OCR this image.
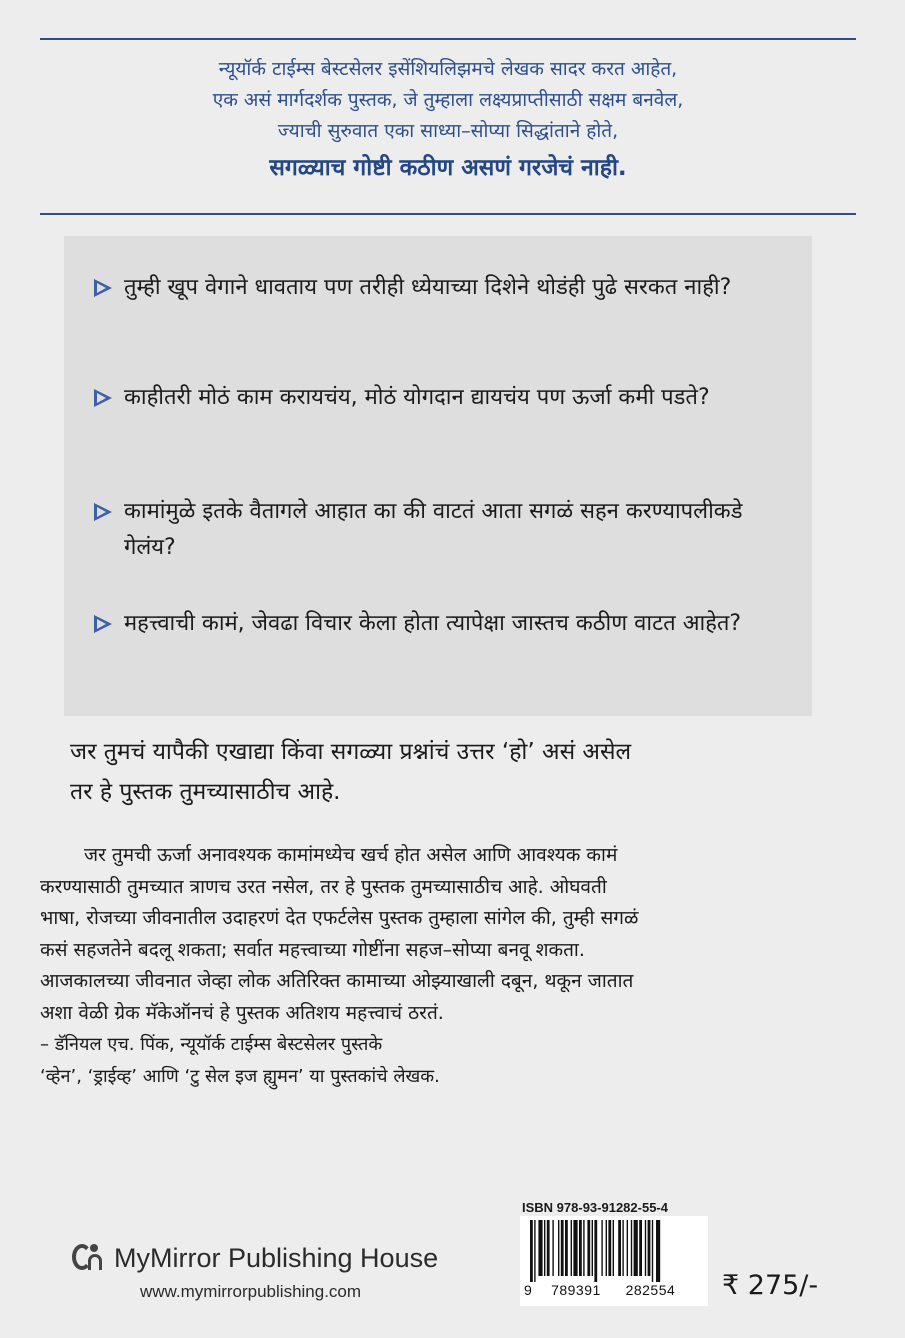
न्यूयॉर्क टाईम्स बेस्टसेलर इसेंशियलिझमचे लेखक सादर करत आहेत,
एक असं मार्गदर्शक पुस्तक, जे तुम्हाला लक्ष्यप्राप्तीसाठी सक्षम बनवेल,
ज्याची सुरुवात एका साध्या–सोप्या सिद्धांताने होते,
सगळ्याच गोष्टी कठीण असणं गरजेचं नाही.
तुम्ही खूप वेगाने धावताय पण तरीही ध्येयाच्या दिशेने थोडंही पुढे सरकत नाही?
काहीतरी मोठं काम करायचंय, मोठं योगदान द्यायचंय पण ऊर्जा कमी पडते?
कामांमुळे इतके वैतागले आहात का की वाटतं आता सगळं सहन करण्यापलीकडे गेलंय?
महत्त्वाची कामं, जेवढा विचार केला होता त्यापेक्षा जास्तच कठीण वाटत आहेत?
जर तुमचं यापैकी एखाद्या किंवा सगळ्या प्रश्नांचं उत्तर ‘हो’ असं असेल
तर हे पुस्तक तुमच्यासाठीच आहे.
जर तुमची ऊर्जा अनावश्यक कामांमध्येच खर्च होत असेल आणि आवश्यक कामं
करण्यासाठी तुमच्यात त्राणच उरत नसेल, तर हे पुस्तक तुमच्यासाठीच आहे. ओघवती
भाषा, रोजच्या जीवनातील उदाहरणं देत एफर्टलेस पुस्तक तुम्हाला सांगेल की, तुम्ही सगळं
कसं सहजतेने बदलू शकता; सर्वात महत्त्वाच्या गोष्टींना सहज–सोप्या बनवू शकता.
आजकालच्या जीवनात जेव्हा लोक अतिरिक्त कामाच्या ओझ्याखाली दबून, थकून जातात
अशा वेळी ग्रेक मॅकेऑनचं हे पुस्तक अतिशय महत्त्वाचं ठरतं.
– डॅनियल एच. पिंक, न्यूयॉर्क टाईम्स बेस्टसेलर पुस्तके
‘व्हेन’, ‘ड्राईव्ह’ आणि ‘टु सेल इज ह्युमन’ या पुस्तकांचे लेखक.
MyMirror Publishing House
www.mymirrorpublishing.com
ISBN 978-93-91282-55-4
9 789391 282554	₹ 275/-
